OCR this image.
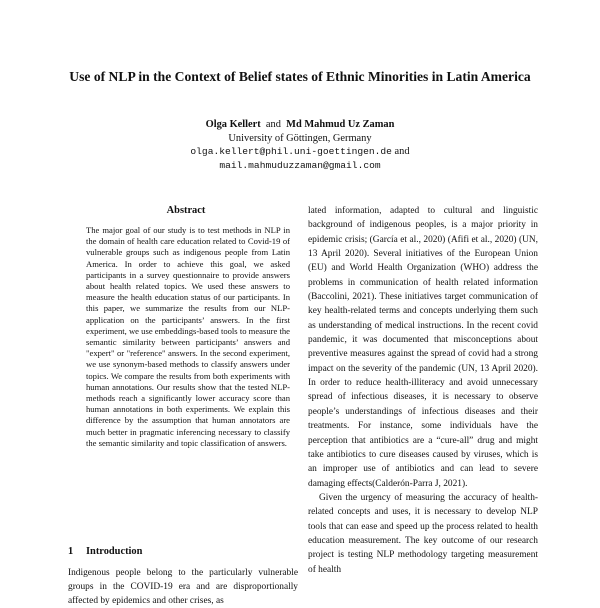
Use of NLP in the Context of Belief states of Ethnic Minorities in Latin America
Olga Kellert and Md Mahmud Uz Zaman
University of Göttingen, Germany
olga.kellert@phil.uni-goettingen.de and
mail.mahmuduzzaman@gmail.com
Abstract

The major goal of our study is to test methods in NLP in the domain of health care education related to Covid-19 of vulnerable groups such as indigenous people from Latin America. In order to achieve this goal, we asked participants in a survey questionnaire to provide answers about health related topics. We used these answers to measure the health education status of our participants. In this paper, we summarize the results from our NLP-application on the participants’ answers. In the first experiment, we use embeddings-based tools to measure the semantic similarity between participants’ answers and "expert" or "reference" answers. In the second experiment, we use synonym-based methods to classify answers under topics. We compare the results from both experiments with human annotations. Our results show that the tested NLP-methods reach a significantly lower accuracy score than human annotations in both experiments. We explain this difference by the assumption that human annotators are much better in pragmatic inferencing necessary to classify the semantic similarity and topic classification of answers.

1 Introduction

Indigenous people belong to the particularly vulnerable groups in the COVID-19 era and are disproportionally affected by epidemics and other crises, as

lated information, adapted to cultural and linguistic background of indigenous peoples, is a major priority in epidemic crisis; (García et al., 2020) (Afifi et al., 2020) (UN, 13 April 2020). Several initiatives of the European Union (EU) and World Health Organization (WHO) address the problems in communication of health related information (Baccolini, 2021). These initiatives target communication of key health-related terms and concepts underlying them such as understanding of medical instructions. In the recent covid pandemic, it was documented that misconceptions about preventive measures against the spread of covid had a strong impact on the severity of the pandemic (UN, 13 April 2020). In order to reduce health-illiteracy and avoid unnecessary spread of infectious diseases, it is necessary to observe people’s understandings of infectious diseases and their treatments. For instance, some individuals have the perception that antibiotics are a “cure-all” drug and might take antibiotics to cure diseases caused by viruses, which is an improper use of antibiotics and can lead to severe damaging effects(Calderón-Parra J, 2021).

Given the urgency of measuring the accuracy of health-related concepts and uses, it is necessary to develop NLP tools that can ease and speed up the process related to health education measurement. The key outcome of our research project is testing NLP methodology targeting measurement of health
